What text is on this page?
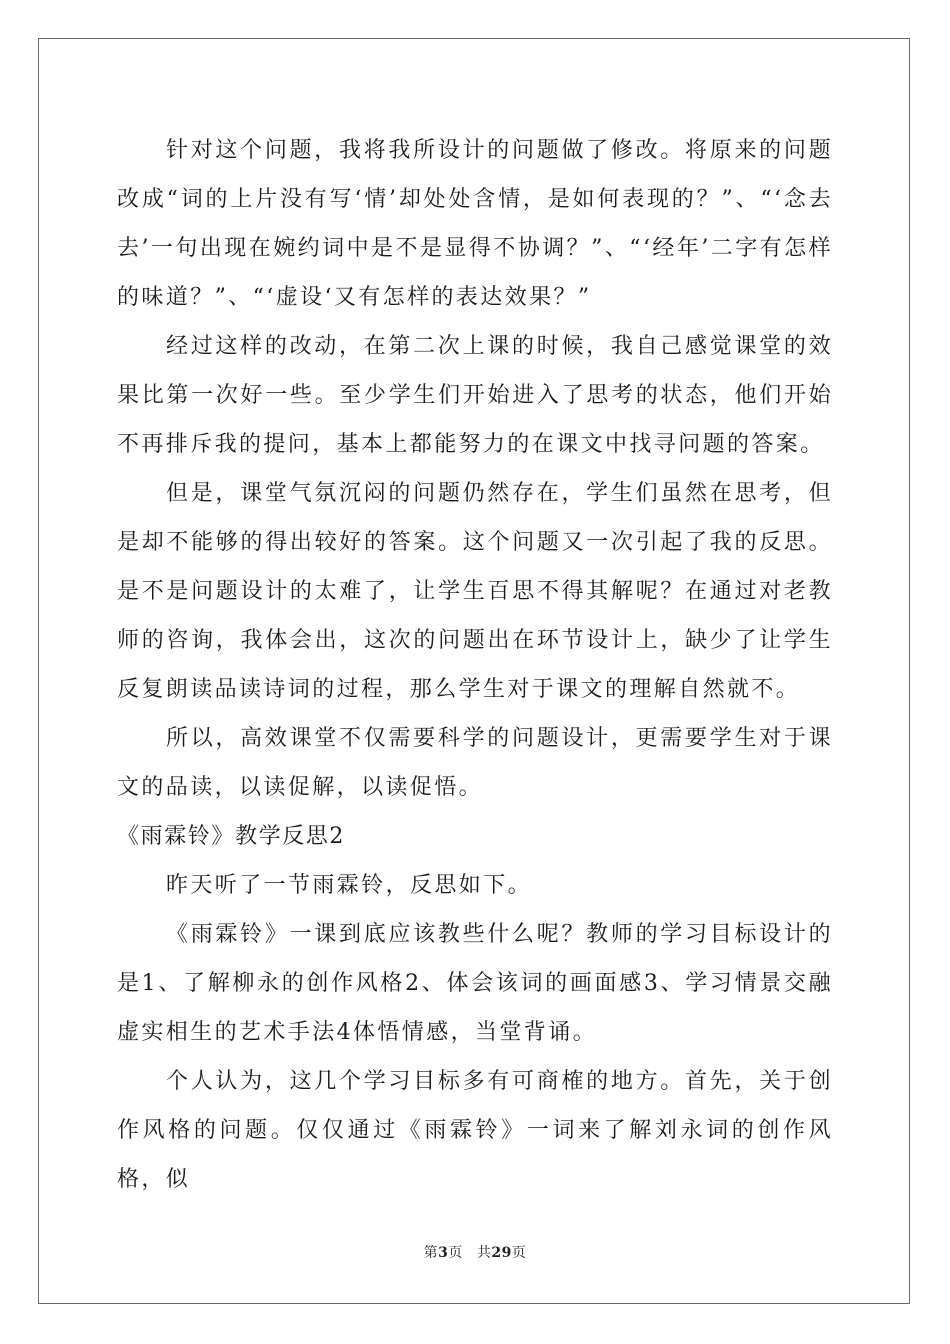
针对这个问题，我将我所设计的问题做了修改。将原来的问题改成“词的上片没有写‘情’却处处含情，是如何表现的？”、“‘念去去’一句出现在婉约词中是不是显得不协调？”、“‘经年’二字有怎样的味道？”、“‘虚设‘又有怎样的表达效果？”

经过这样的改动，在第二次上课的时候，我自己感觉课堂的效果比第一次好一些。至少学生们开始进入了思考的状态，他们开始不再排斥我的提问，基本上都能努力的在课文中找寻问题的答案。

但是，课堂气氛沉闷的问题仍然存在，学生们虽然在思考，但是却不能够的得出较好的答案。这个问题又一次引起了我的反思。是不是问题设计的太难了，让学生百思不得其解呢？在通过对老教师的咨询，我体会出，这次的问题出在环节设计上，缺少了让学生反复朗读品读诗词的过程，那么学生对于课文的理解自然就不。

所以，高效课堂不仅需要科学的问题设计，更需要学生对于课文的品读，以读促解，以读促悟。

《雨霖铃》教学反思2

昨天听了一节雨霖铃，反思如下。

《雨霖铃》一课到底应该教些什么呢？教师的学习目标设计的是1、了解柳永的创作风格2、体会该词的画面感3、学习情景交融虚实相生的艺术手法4体悟情感，当堂背诵。

个人认为，这几个学习目标多有可商榷的地方。首先，关于创作风格的问题。仅仅通过《雨霖铃》一词来了解刘永词的创作风格，似

第3页 共29页
